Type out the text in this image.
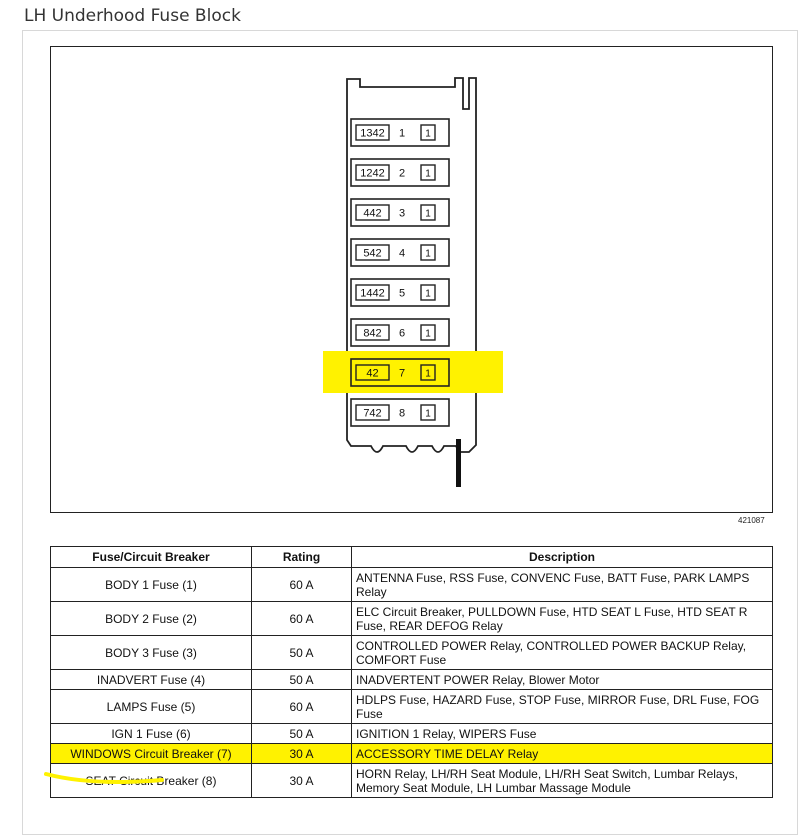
LH Underhood Fuse Block
1342 1 1
1242 2 1
442 3 1
542 4 1
1442 5 1
842 6 1
42 7 1
742 8 1
421087
Fuse/Circuit Breaker	Rating	Description
BODY 1 Fuse (1)	60 A	ANTENNA Fuse, RSS Fuse, CONVENC Fuse, BATT Fuse, PARK LAMPS Relay
BODY 2 Fuse (2)	60 A	ELC Circuit Breaker, PULLDOWN Fuse, HTD SEAT L Fuse, HTD SEAT R Fuse, REAR DEFOG Relay
BODY 3 Fuse (3)	50 A	CONTROLLED POWER Relay, CONTROLLED POWER BACKUP Relay, COMFORT Fuse
INADVERT Fuse (4)	50 A	INADVERTENT POWER Relay, Blower Motor
LAMPS Fuse (5)	60 A	HDLPS Fuse, HAZARD Fuse, STOP Fuse, MIRROR Fuse, DRL Fuse, FOG Fuse
IGN 1 Fuse (6)	50 A	IGNITION 1 Relay, WIPERS Fuse
WINDOWS Circuit Breaker (7)	30 A	ACCESSORY TIME DELAY Relay
SEAT Circuit Breaker (8)	30 A	HORN Relay, LH/RH Seat Module, LH/RH Seat Switch, Lumbar Relays, Memory Seat Module, LH Lumbar Massage Module
